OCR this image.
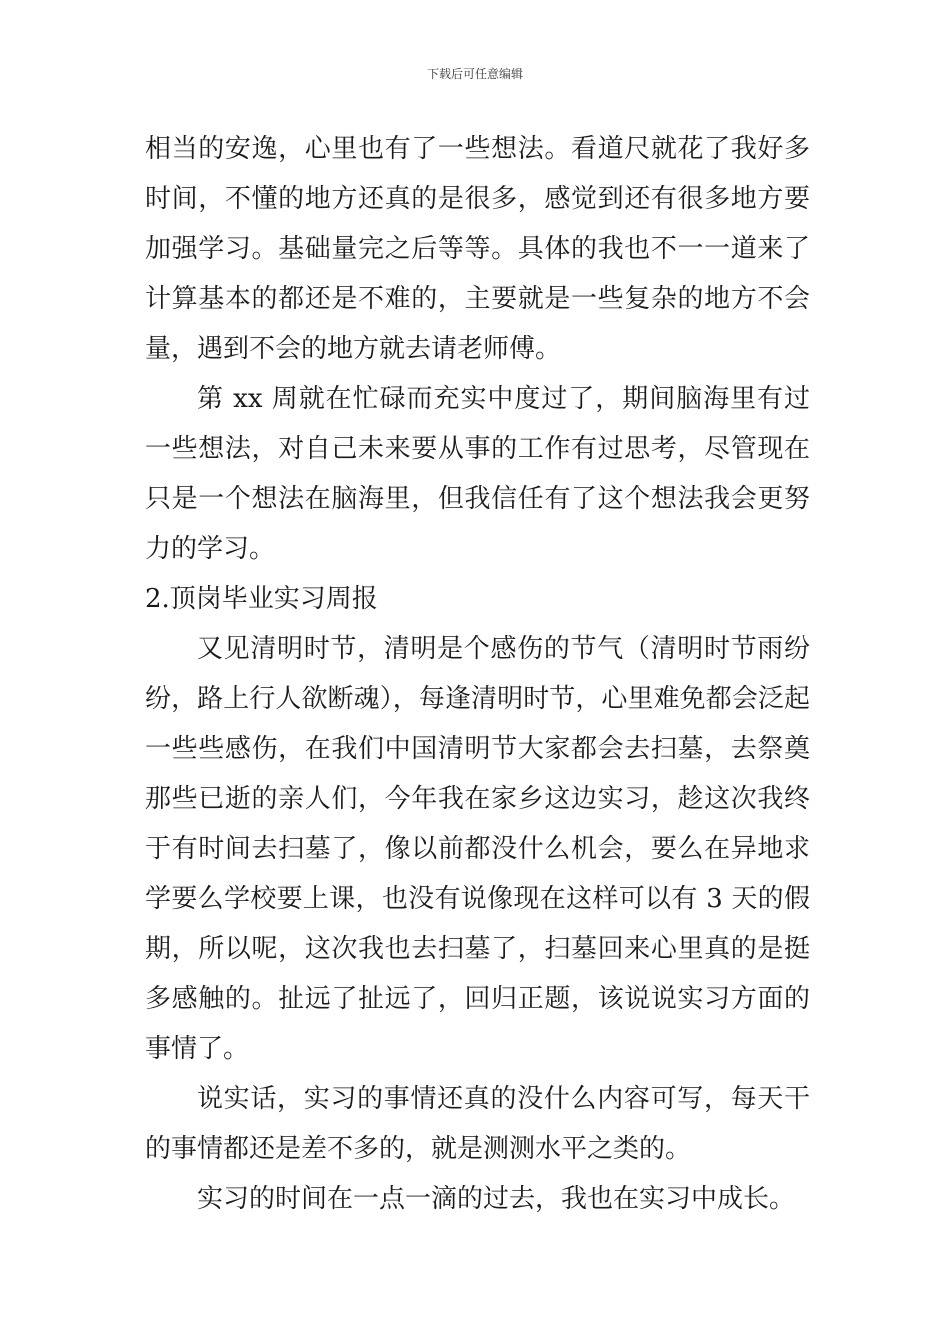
下载后可任意编辑

相当的安逸，心里也有了一些想法。看道尺就花了我好多时间，不懂的地方还真的是很多，感觉到还有很多地方要加强学习。基础量完之后等等。具体的我也不一一道来了计算基本的都还是不难的，主要就是一些复杂的地方不会量，遇到不会的地方就去请老师傅。

第 xx 周就在忙碌而充实中度过了，期间脑海里有过一些想法，对自己未来要从事的工作有过思考，尽管现在只是一个想法在脑海里，但我信任有了这个想法我会更努力的学习。

2.顶岗毕业实习周报

又见清明时节，清明是个感伤的节气（清明时节雨纷纷，路上行人欲断魂），每逢清明时节，心里难免都会泛起一些些感伤，在我们中国清明节大家都会去扫墓，去祭奠那些已逝的亲人们，今年我在家乡这边实习，趁这次我终于有时间去扫墓了，像以前都没什么机会，要么在异地求学要么学校要上课，也没有说像现在这样可以有 3 天的假期，所以呢，这次我也去扫墓了，扫墓回来心里真的是挺多感触的。扯远了扯远了，回归正题，该说说实习方面的事情了。

说实话，实习的事情还真的没什么内容可写，每天干的事情都还是差不多的，就是测测水平之类的。

实习的时间在一点一滴的过去，我也在实习中成长。
